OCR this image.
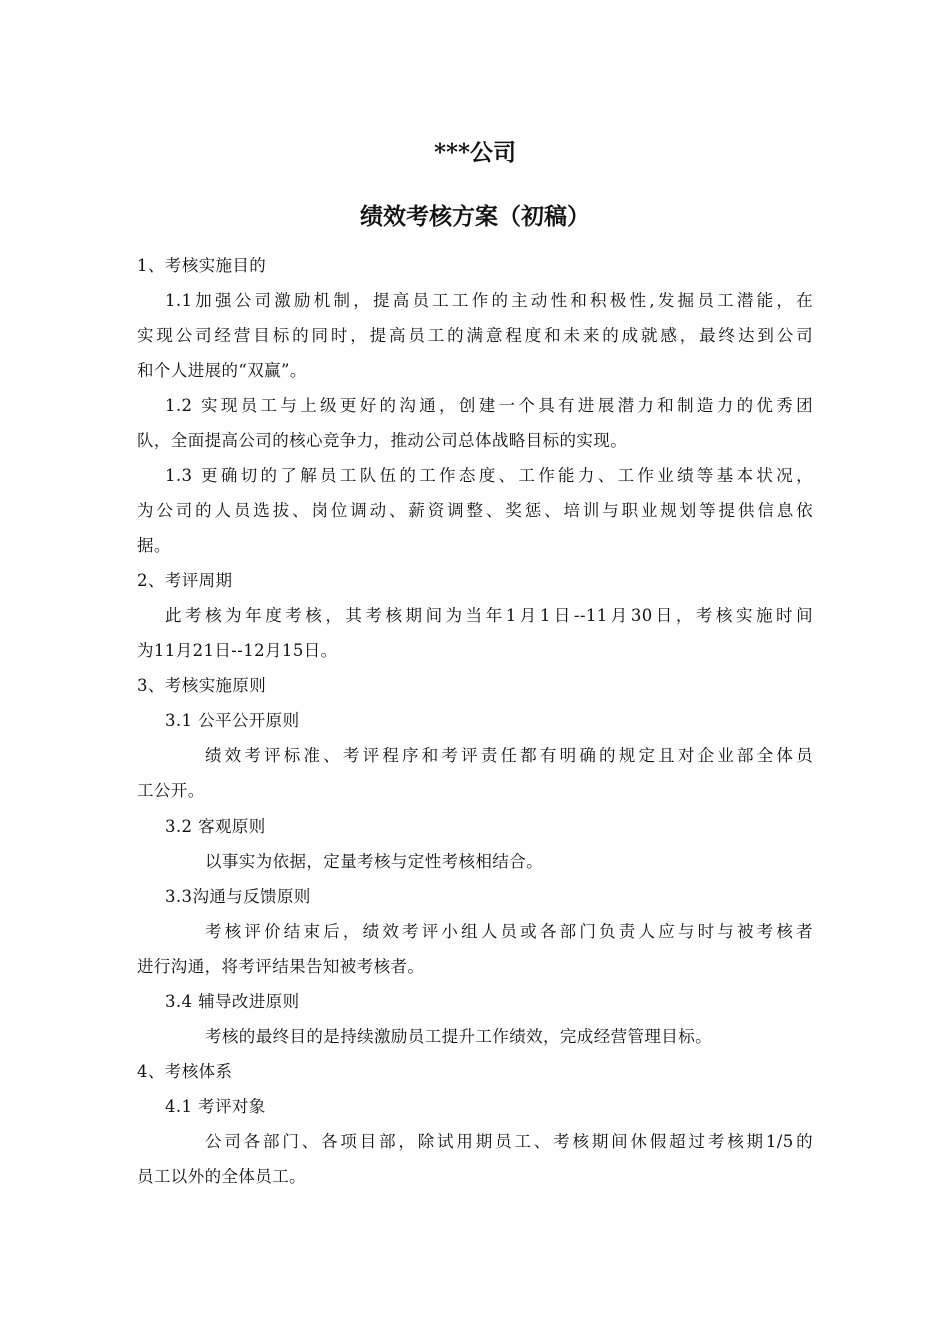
***公司
绩效考核方案（初稿）
1、考核实施目的
1.1加强公司激励机制，提高员工工作的主动性和积极性,发掘员工潜能，在
实现公司经营目标的同时，提高员工的满意程度和未来的成就感，最终达到公司
和个人进展的“双赢”。
1.2 实现员工与上级更好的沟通，创建一个具有进展潜力和制造力的优秀团
队，全面提高公司的核心竞争力，推动公司总体战略目标的实现。
1.3 更确切的了解员工队伍的工作态度、工作能力、工作业绩等基本状况，
为公司的人员选拔、岗位调动、薪资调整、奖惩、培训与职业规划等提供信息依
据。
2、考评周期
此考核为年度考核，其考核期间为当年1月1日--11月30日，考核实施时间
为11月21日--12月15日。
3、考核实施原则
3.1 公平公开原则
绩效考评标准、考评程序和考评责任都有明确的规定且对企业部全体员
工公开。
3.2 客观原则
以事实为依据，定量考核与定性考核相结合。
3.3沟通与反馈原则
考核评价结束后，绩效考评小组人员或各部门负责人应与时与被考核者
进行沟通，将考评结果告知被考核者。
3.4 辅导改进原则
考核的最终目的是持续激励员工提升工作绩效，完成经营管理目标。
4、考核体系
4.1 考评对象
公司各部门、各项目部，除试用期员工、考核期间休假超过考核期1/5的
员工以外的全体员工。
